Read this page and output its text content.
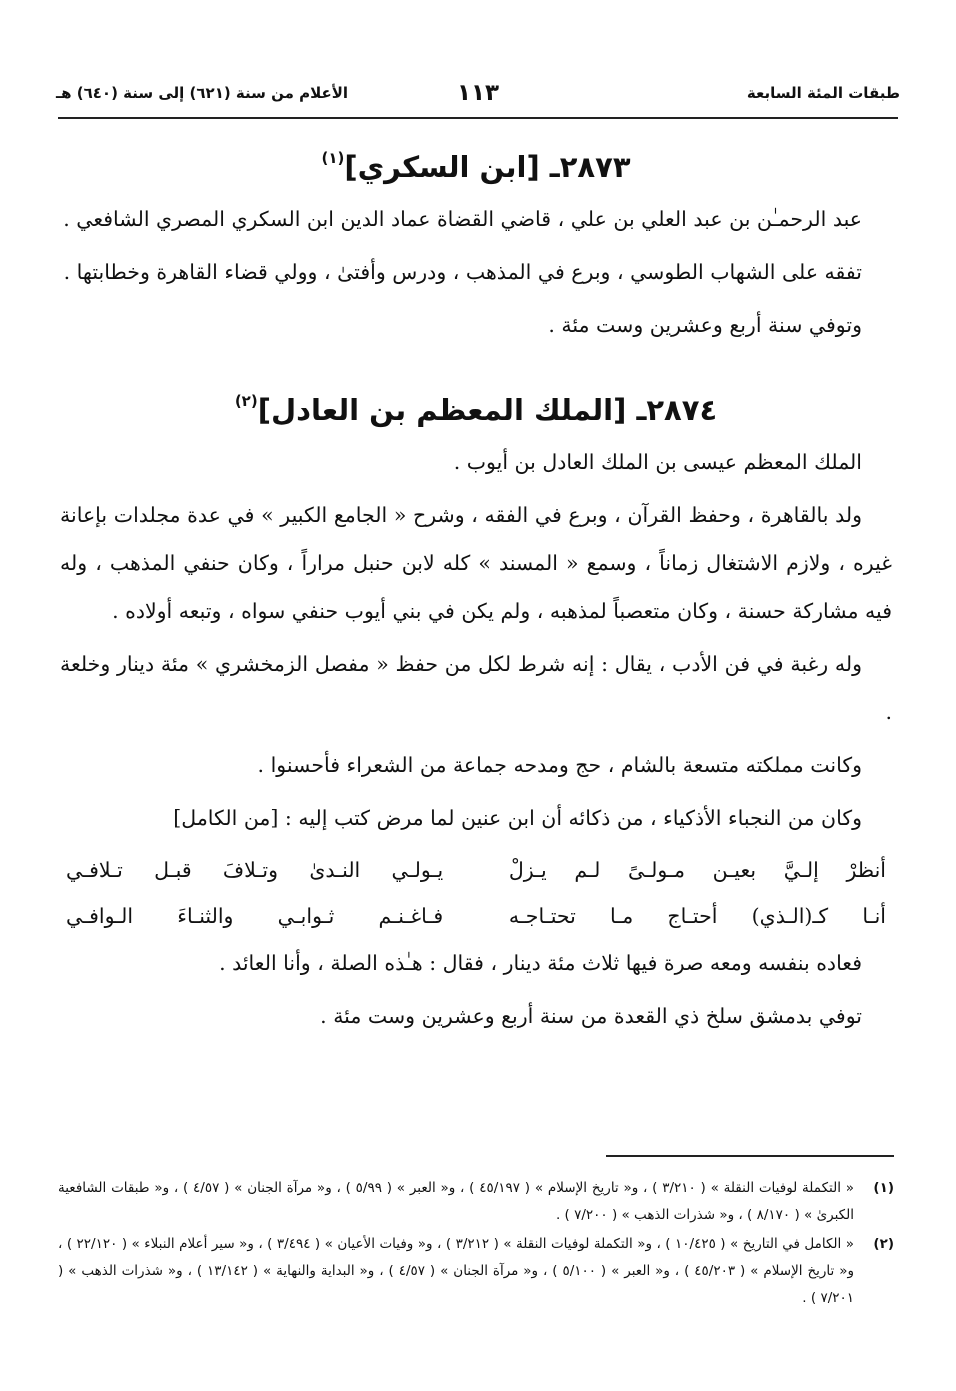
طبقات المئة السابعة
١١٣
الأعلام من سنة (٦٢١) إلى سنة (٦٤٠) هـ
٢٨٧٣ـ [ابن السكري]$^{(١)}$

عبد الرحمـٰن بن عبد العلي بن علي ، قاضي القضاة عماد الدين ابن السكري المصري الشافعي .

تفقه على الشهاب الطوسي ، وبرع في المذهب ، ودرس وأفتىٰ ، وولي قضاء القاهرة وخطابتها .

وتوفي سنة أربع وعشرين وست مئة .

٢٨٧٤ـ [الملك المعظم بن العادل]$^{(٢)}$

الملك المعظم عيسى بن الملك العادل بن أيوب .

ولد بالقاهرة ، وحفظ القرآن ، وبرع في الفقه ، وشرح « الجامع الكبير » في عدة مجلدات بإعانة غيره ، ولازم الاشتغال زماناً ، وسمع « المسند » كله لابن حنبل مراراً ، وكان حنفي المذهب ، وله فيه مشاركة حسنة ، وكان متعصباً لمذهبه ، ولم يكن في بني أيوب حنفي سواه ، وتبعه أولاده .

وله رغبة في فن الأدب ، يقال : إنه شرط لكل من حفظ « مفصل الزمخشري » مئة دينار وخلعة .

وكانت مملكته متسعة بالشام ، حج ومدحه جماعة من الشعراء فأحسنوا .

وكان من النجباء الأذكياء ، من ذكائه أن ابن عنين لما مرض كتب إليه : [من الكامل]

أنظرْ إلـيَّ بعيـن مـولـىً لـم يـزلْ
يـولـي النـدىٰ وتـلافَ قبـل تـلافـي
أنـا كـ(الـذي) أحتـاج مـا تحتـاجـه
فـاغـنـم ثـوابـي والثنـاءَ الـوافـي

فعاده بنفسه ومعه صرة فيها ثلاث مئة دينار ، فقال : هـٰذه الصلة ، وأنا العائد .

توفي بدمشق سلخ ذي القعدة من سنة أربع وعشرين وست مئة .

(١)
« التكملة لوفيات النقلة » ( ٣/٢١٠ ) ، و« تاريخ الإسلام » ( ٤٥/١٩٧ ) ، و« العبر » ( ٥/٩٩ ) ، و« مرآة الجنان » ( ٤/٥٧ ) ، و« طبقات الشافعية الكبرىٰ » ( ٨/١٧٠ ) ، و« شذرات الذهب » ( ٧/٢٠٠ ) .
(٢)
« الكامل في التاريخ » ( ١٠/٤٢٥ ) ، و« التكملة لوفيات النقلة » ( ٣/٢١٢ ) ، و« وفيات الأعيان » ( ٣/٤٩٤ ) ، و« سير أعلام النبلاء » ( ٢٢/١٢٠ ) ، و« تاريخ الإسلام » ( ٤٥/٢٠٣ ) ، و« العبر » ( ٥/١٠٠ ) ، و« مرآة الجنان » ( ٤/٥٧ ) ، و« البداية والنهاية » ( ١٣/١٤٢ ) ، و« شذرات الذهب » ( ٧/٢٠١ ) .
